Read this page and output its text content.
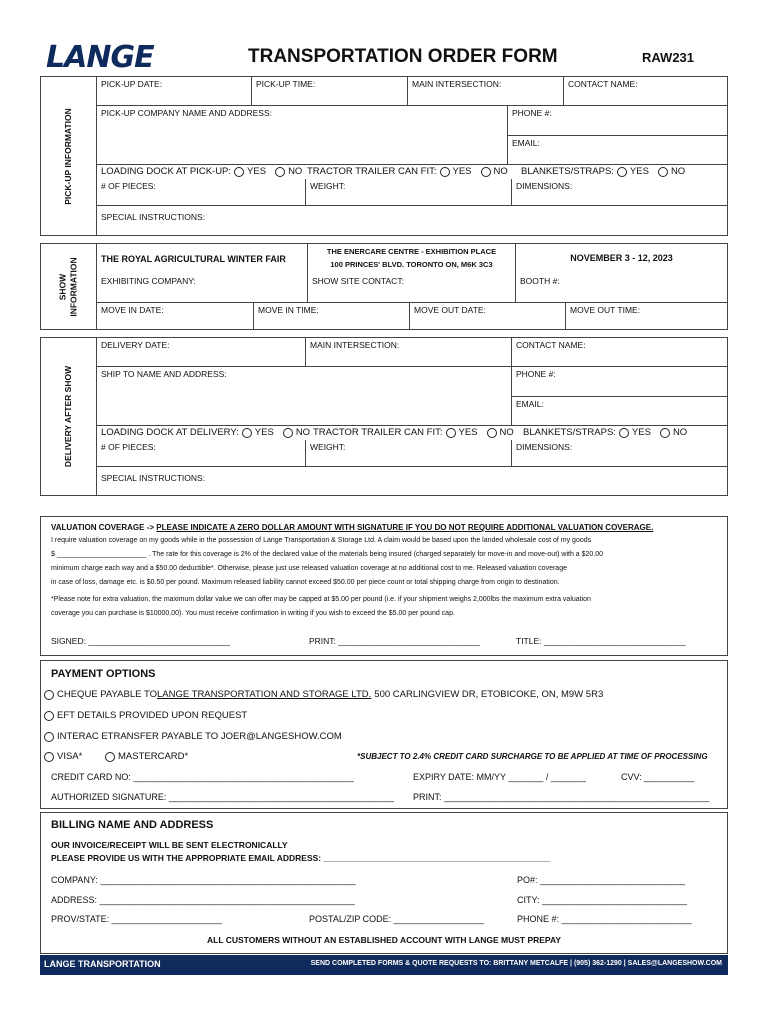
LANGE	TRANSPORTATION ORDER FORM	RAW231
PICK-UP INFORMATION
PICK-UP DATE:	PICK-UP TIME:	MAIN INTERSECTION:	CONTACT NAME:
PICK-UP COMPANY NAME AND ADDRESS:	PHONE #:
EMAIL:
LOADING DOCK AT PICK-UP: YES NO TRACTOR TRAILER CAN FIT: YES NO BLANKETS/STRAPS: YES NO
# OF PIECES:	WEIGHT:	DIMENSIONS:
SPECIAL INSTRUCTIONS:
SHOW
INFORMATION	THE ROYAL AGRICULTURAL WINTER FAIR
THE ENERCARE CENTRE - EXHIBITION PLACE
100 PRINCES' BLVD. TORONTO ON, M6K 3C3
NOVEMBER 3 - 12, 2023
EXHIBITING COMPANY:	SHOW SITE CONTACT:	BOOTH #:
MOVE IN DATE:	MOVE IN TIME:	MOVE OUT DATE:	MOVE OUT TIME:
DELIVERY AFTER SHOW
DELIVERY DATE:	MAIN INTERSECTION:	CONTACT NAME:
SHIP TO NAME AND ADDRESS:	PHONE #:
EMAIL:
LOADING DOCK AT DELIVERY: YES NO TRACTOR TRAILER CAN FIT: YES NO BLANKETS/STRAPS: YES NO
# OF PIECES:	WEIGHT:	DIMENSIONS:
SPECIAL INSTRUCTIONS:
VALUATION COVERAGE -> PLEASE INDICATE A ZERO DOLLAR AMOUNT WITH SIGNATURE IF YOU DO NOT REQUIRE ADDITIONAL VALUATION COVERAGE.
I require valuation coverage on my goods while in the possession of Lange Transportation & Storage Ltd. A claim would be based upon the landed wholesale cost of my goods
$ _______________________ . The rate for this coverage is 2% of the declared value of the materials being insured (charged separately for move-in and move-out) with a $20.00
minimum charge each way and a $50.00 deductible*. Otherwise, please just use released valuation coverage at no additional cost to me. Released valuation coverage
in case of loss, damage etc. is $0.50 per pound. Maximum released liability cannot exceed $50.00 per piece count or total shipping charge from origin to destination.
*Please note for extra valuation, the maximum dollar value we can offer may be capped at $5.00 per pound (i.e. if your shipment weighs 2,000lbs the maximum extra valuation
coverage you can purchase is $10000.00). You must receive confirmation in writing if you wish to exceed the $5.00 per pound cap.
SIGNED: ______________________________	PRINT: ______________________________	TITLE: ______________________________
PAYMENT OPTIONS
CHEQUE PAYABLE TO LANGE TRANSPORTATION AND STORAGE LTD. 500 CARLINGVIEW DR, ETOBICOKE, ON, M9W 5R3
EFT DETAILS PROVIDED UPON REQUEST
INTERAC ETRANSFER PAYABLE TO JOER@LANGESHOW.COM
VISA*	MASTERCARD*	*SUBJECT TO 2.4% CREDIT CARD SURCHARGE TO BE APPLIED AT TIME OF PROCESSING
CREDIT CARD NO: ____________________________________________	EXPIRY DATE: MM/YY _______ / _______	CVV: __________
AUTHORIZED SIGNATURE: _____________________________________________ PRINT: _____________________________________________________
BILLING NAME AND ADDRESS
OUR INVOICE/RECEIPT WILL BE SENT ELECTRONICALLY
PLEASE PROVIDE US WITH THE APPROPRIATE EMAIL ADDRESS: ________________________________________________
COMPANY: ___________________________________________________	PO#: _____________________________
ADDRESS: ___________________________________________________	CITY: _____________________________
PROV/STATE: ______________________	POSTAL/ZIP CODE: __________________	PHONE #: __________________________
ALL CUSTOMERS WITHOUT AN ESTABLISHED ACCOUNT WITH LANGE MUST PREPAY
LANGE TRANSPORTATION	SEND COMPLETED FORMS & QUOTE REQUESTS TO: BRITTANY METCALFE | (905) 362-1290 | SALES@LANGESHOW.COM
